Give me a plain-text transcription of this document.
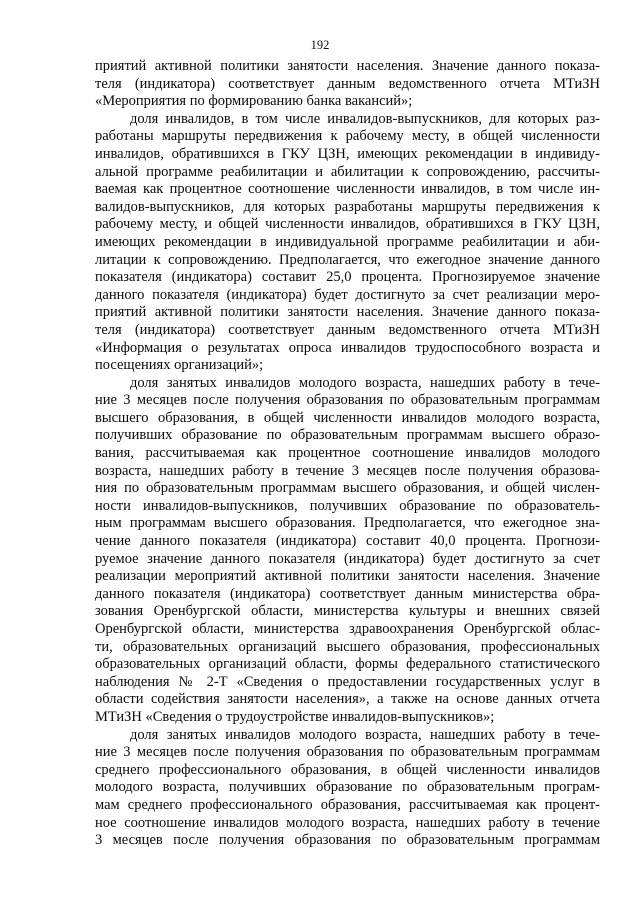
192
приятий активной политики занятости населения. Значение данного показа-
теля (индикатора) соответствует данным ведомственного отчета МТиЗН
«Мероприятия по формированию банка вакансий»;
доля инвалидов, в том числе инвалидов-выпускников, для которых раз-
работаны маршруты передвижения к рабочему месту, в общей численности
инвалидов, обратившихся в ГКУ ЦЗН, имеющих рекомендации в индивиду-
альной программе реабилитации и абилитации к сопровождению, рассчиты-
ваемая как процентное соотношение численности инвалидов, в том числе ин-
валидов-выпускников, для которых разработаны маршруты передвижения к
рабочему месту, и общей численности инвалидов, обратившихся в ГКУ ЦЗН,
имеющих рекомендации в индивидуальной программе реабилитации и аби-
литации к сопровождению. Предполагается, что ежегодное значение данного
показателя (индикатора) составит 25,0 процента. Прогнозируемое значение
данного показателя (индикатора) будет достигнуто за счет реализации меро-
приятий активной политики занятости населения. Значение данного показа-
теля (индикатора) соответствует данным ведомственного отчета МТиЗН
«Информация о результатах опроса инвалидов трудоспособного возраста и
посещениях организаций»;
доля занятых инвалидов молодого возраста, нашедших работу в тече-
ние 3 месяцев после получения образования по образовательным программам
высшего образования, в общей численности инвалидов молодого возраста,
получивших образование по образовательным программам высшего образо-
вания, рассчитываемая как процентное соотношение инвалидов молодого
возраста, нашедших работу в течение 3 месяцев после получения образова-
ния по образовательным программам высшего образования, и общей числен-
ности инвалидов-выпускников, получивших образование по образователь-
ным программам высшего образования. Предполагается, что ежегодное зна-
чение данного показателя (индикатора) составит 40,0 процента. Прогнози-
руемое значение данного показателя (индикатора) будет достигнуто за счет
реализации мероприятий активной политики занятости населения. Значение
данного показателя (индикатора) соответствует данным министерства обра-
зования Оренбургской области, министерства культуры и внешних связей
Оренбургской области, министерства здравоохранения Оренбургской облас-
ти, образовательных организаций высшего образования, профессиональных
образовательных организаций области, формы федерального статистического
наблюдения № 2-Т «Сведения о предоставлении государственных услуг в
области содействия занятости населения», а также на основе данных отчета
МТиЗН «Сведения о трудоустройстве инвалидов-выпускников»;
доля занятых инвалидов молодого возраста, нашедших работу в тече-
ние 3 месяцев после получения образования по образовательным программам
среднего профессионального образования, в общей численности инвалидов
молодого возраста, получивших образование по образовательным програм-
мам среднего профессионального образования, рассчитываемая как процент-
ное соотношение инвалидов молодого возраста, нашедших работу в течение
3 месяцев после получения образования по образовательным программам
